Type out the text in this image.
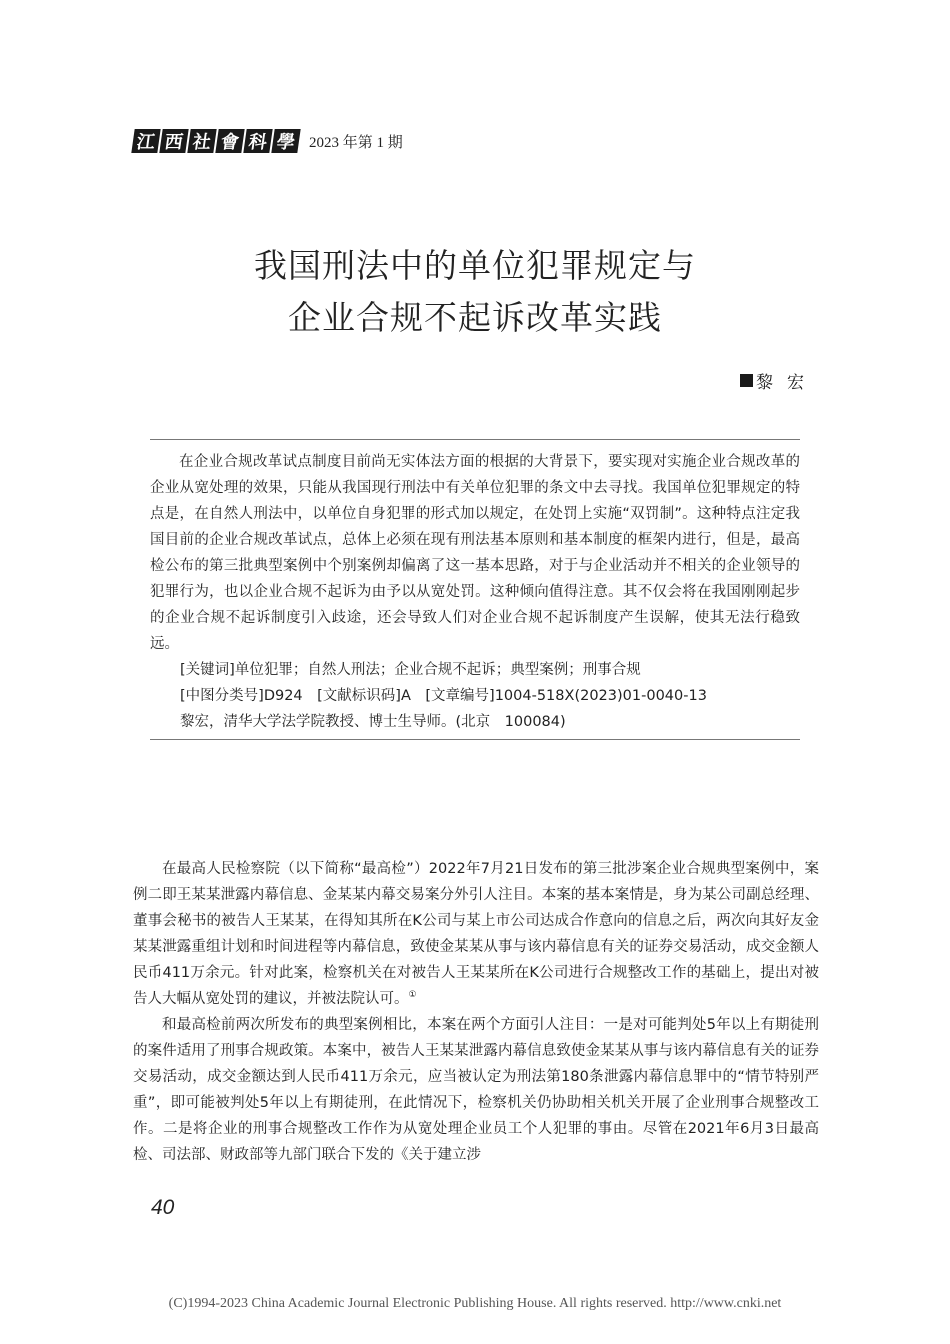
江 西 社 會 科 學 2023 年第 1 期
我国刑法中的单位犯罪规定与
企业合规不起诉改革实践
黎宏

在企业合规改革试点制度目前尚无实体法方面的根据的大背景下，要实现对实施企业合规改革的企业从宽处理的效果，只能从我国现行刑法中有关单位犯罪的条文中去寻找。我国单位犯罪规定的特点是，在自然人刑法中，以单位自身犯罪的形式加以规定，在处罚上实施“双罚制”。这种特点注定我国目前的企业合规改革试点，总体上必须在现有刑法基本原则和基本制度的框架内进行，但是，最高检公布的第三批典型案例中个别案例却偏离了这一基本思路，对于与企业活动并不相关的企业领导的犯罪行为，也以企业合规不起诉为由予以从宽处罚。这种倾向值得注意。其不仅会将在我国刚刚起步的企业合规不起诉制度引入歧途，还会导致人们对企业合规不起诉制度产生误解，使其无法行稳致远。

[关键词]单位犯罪；自然人刑法；企业合规不起诉；典型案例；刑事合规
[中图分类号]D924　[文献标识码]A　[文章编号]1004-518X(2023)01-0040-13
黎宏，清华大学法学院教授、博士生导师。(北京　100084)

在最高人民检察院（以下简称“最高检”）2022年7月21日发布的第三批涉案企业合规典型案例中，案例二即王某某泄露内幕信息、金某某内幕交易案分外引人注目。本案的基本案情是，身为某公司副总经理、董事会秘书的被告人王某某，在得知其所在K公司与某上市公司达成合作意向的信息之后，两次向其好友金某某泄露重组计划和时间进程等内幕信息，致使金某某从事与该内幕信息有关的证券交易活动，成交金额人民币411万余元。针对此案，检察机关在对被告人王某某所在K公司进行合规整改工作的基础上，提出对被告人大幅从宽处罚的建议，并被法院认可。①

和最高检前两次所发布的典型案例相比，本案在两个方面引人注目：一是对可能判处5年以上有期徒刑的案件适用了刑事合规政策。本案中，被告人王某某泄露内幕信息致使金某某从事与该内幕信息有关的证券交易活动，成交金额达到人民币411万余元，应当被认定为刑法第180条泄露内幕信息罪中的“情节特别严重”，即可能被判处5年以上有期徒刑，在此情况下，检察机关仍协助相关机关开展了企业刑事合规整改工作。二是将企业的刑事合规整改工作作为从宽处理企业员工个人犯罪的事由。尽管在2021年6月3日最高检、司法部、财政部等九部门联合下发的《关于建立涉

40
(C)1994-2023 China Academic Journal Electronic Publishing House. All rights reserved. http://www.cnki.net
